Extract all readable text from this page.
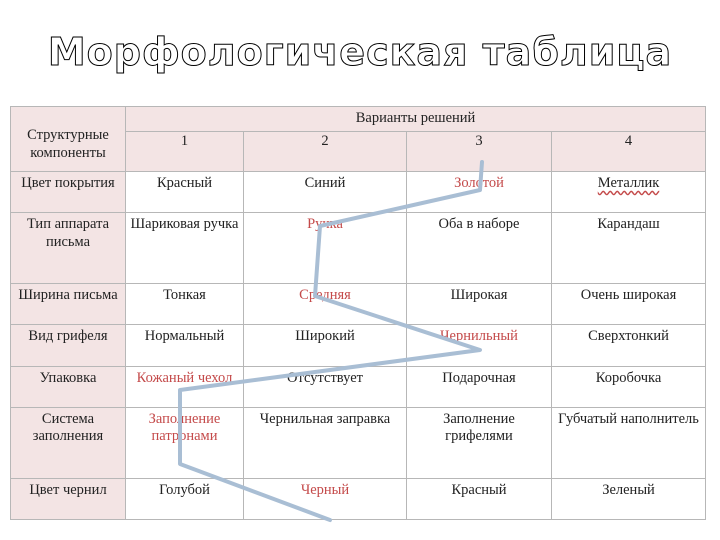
Морфологическая таблица
Структурные компоненты	Варианты решений			
	1	2	3	4
Цвет покрытия	Красный	Синий	Золотой	Металлик
Тип аппарата письма	Шариковая ручка	Ручка	Оба в наборе	Карандаш
Ширина письма	Тонкая	Средняя	Широкая	Очень широкая
Вид грифеля	Нормальный	Широкий	Чернильный	Сверхтонкий
Упаковка	Кожаный чехол	Отсутствует	Подарочная	Коробочка
Система заполнения	Заполнение патронами	Чернильная заправка	Заполнение грифелями	Губчатый наполнитель
Цвет чернил	Голубой	Черный	Красный	Зеленый
